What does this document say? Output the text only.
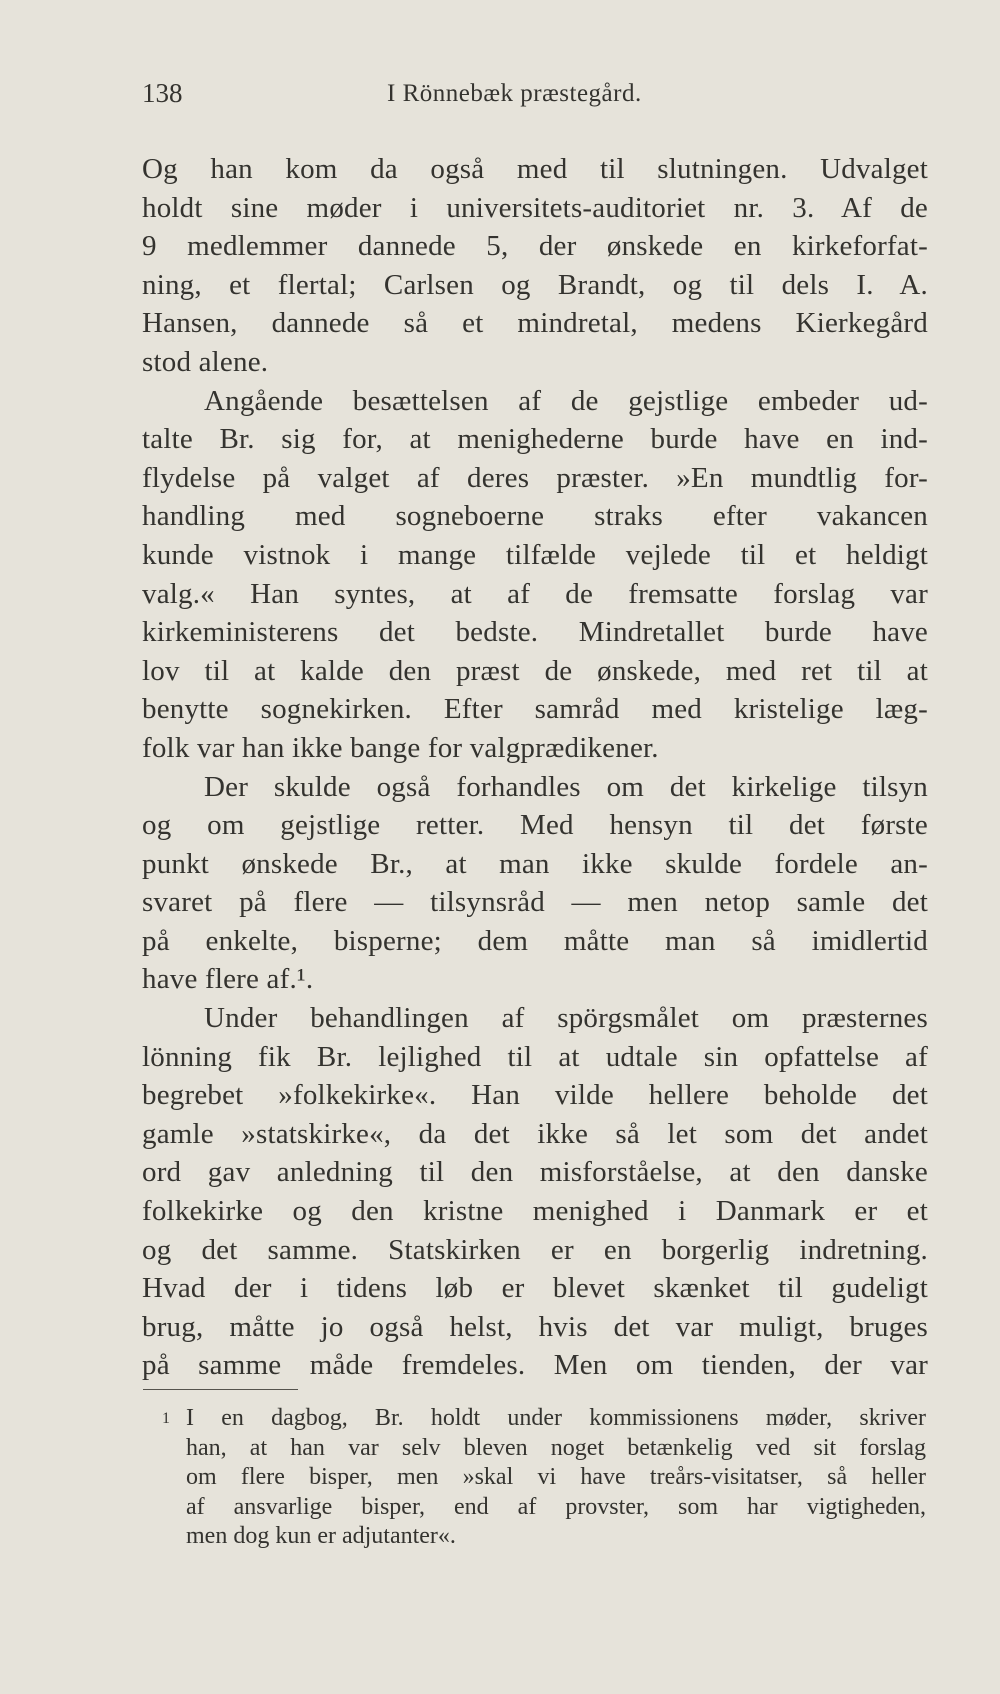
138	I Rönnebæk præstegård.
Og han kom da også med til slutningen. Udvalget
holdt sine møder i universitets-auditoriet nr. 3. Af de
9 medlemmer dannede 5, der ønskede en kirkeforfat-
ning, et flertal; Carlsen og Brandt, og til dels I. A.
Hansen, dannede så et mindretal, medens Kierkegård
stod alene.
Angående besættelsen af de gejstlige embeder ud-
talte Br. sig for, at menighederne burde have en ind-
flydelse på valget af deres præster. »En mundtlig for-
handling med sogneboerne straks efter vakancen
kunde vistnok i mange tilfælde vejlede til et heldigt
valg.« Han syntes, at af de fremsatte forslag var
kirkeministerens det bedste. Mindretallet burde have
lov til at kalde den præst de ønskede, med ret til at
benytte sognekirken. Efter samråd med kristelige læg-
folk var han ikke bange for valgprædikener.
Der skulde også forhandles om det kirkelige tilsyn
og om gejstlige retter. Med hensyn til det første
punkt ønskede Br., at man ikke skulde fordele an-
svaret på flere — tilsynsråd — men netop samle det
på enkelte, bisperne; dem måtte man så imidlertid
have flere af.¹.
Under behandlingen af spörgsmålet om præsternes
lönning fik Br. lejlighed til at udtale sin opfattelse af
begrebet »folkekirke«. Han vilde hellere beholde det
gamle »statskirke«, da det ikke så let som det andet
ord gav anledning til den misforståelse, at den danske
folkekirke og den kristne menighed i Danmark er et
og det samme. Statskirken er en borgerlig indretning.
Hvad der i tidens løb er blevet skænket til gudeligt
brug, måtte jo også helst, hvis det var muligt, bruges
på samme måde fremdeles. Men om tienden, der var
1 I en dagbog, Br. holdt under kommissionens møder, skriver
han, at han var selv bleven noget betænkelig ved sit forslag
om flere bisper, men »skal vi have treårs-visitatser, så heller
af ansvarlige bisper, end af provster, som har vigtigheden,
men dog kun er adjutanter«.
